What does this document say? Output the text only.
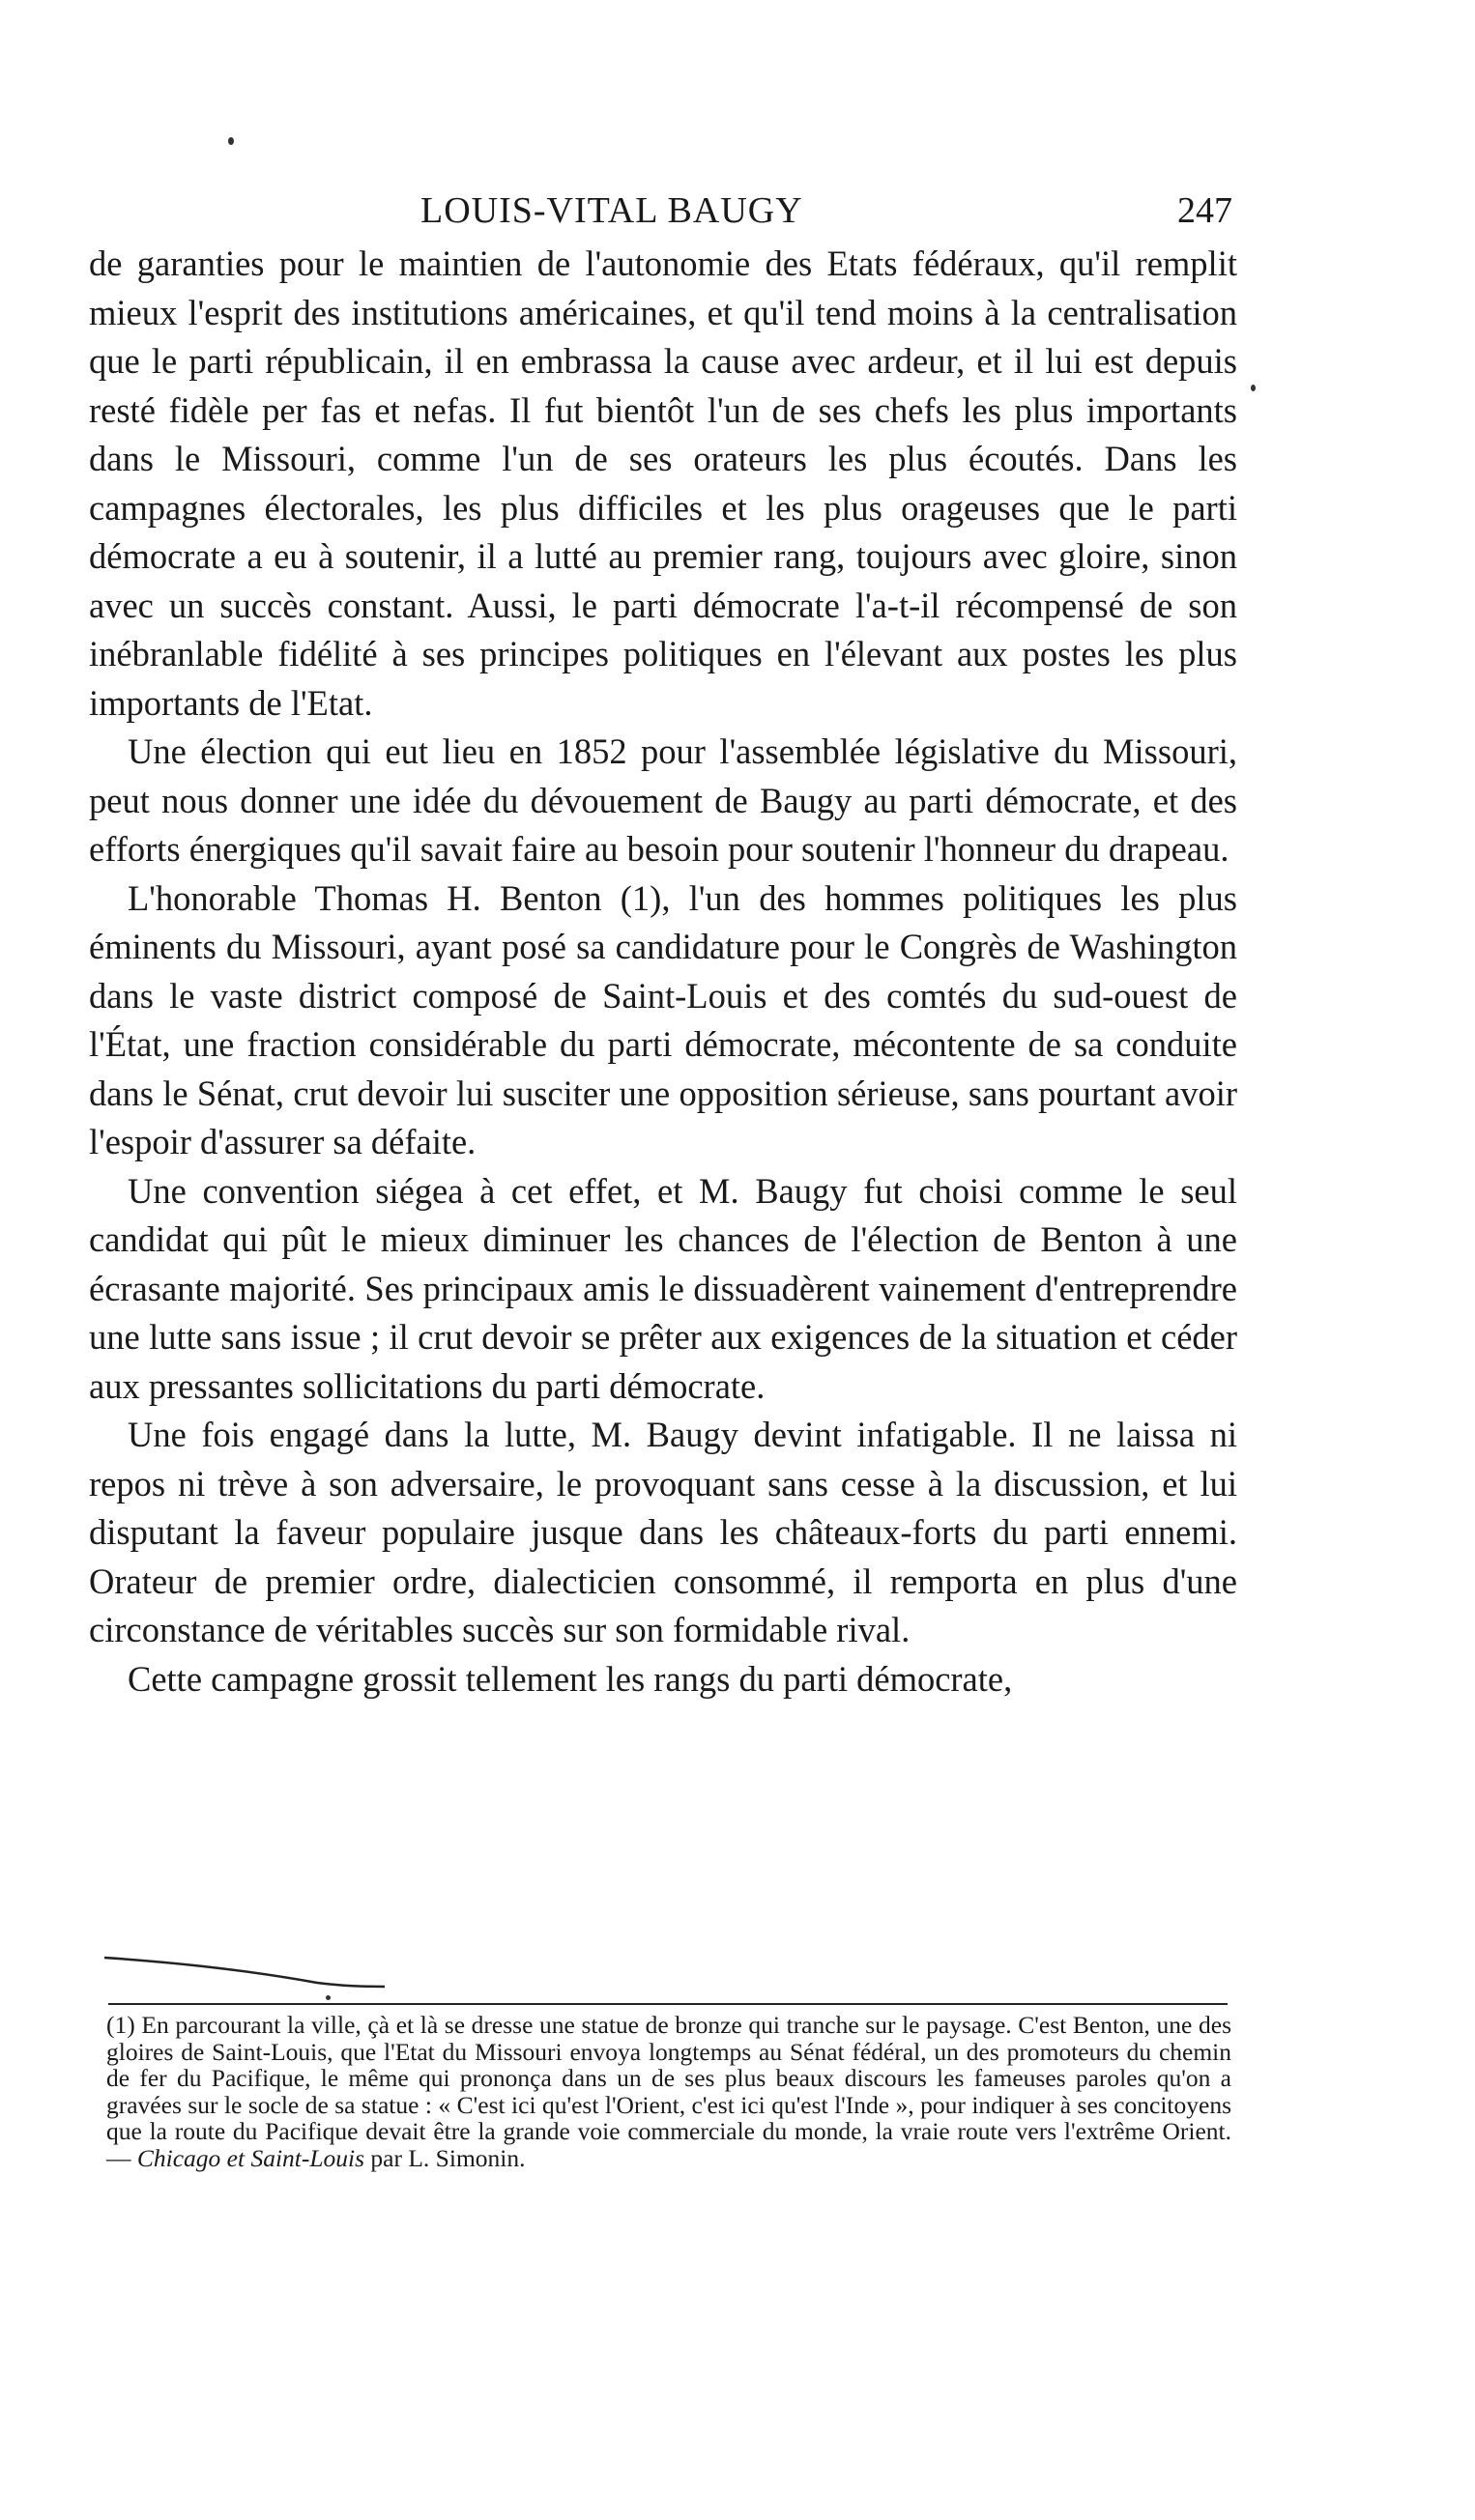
LOUIS-VITAL BAUGY	247

de garanties pour le maintien de l'autonomie des Etats fédéraux, qu'il remplit mieux l'esprit des institutions américaines, et qu'il tend moins à la centralisation que le parti républicain, il en embrassa la cause avec ardeur, et il lui est depuis resté fidèle per fas et nefas. Il fut bientôt l'un de ses chefs les plus importants dans le Missouri, comme l'un de ses orateurs les plus écoutés. Dans les campagnes électorales, les plus difficiles et les plus orageuses que le parti démocrate a eu à soutenir, il a lutté au premier rang, toujours avec gloire, sinon avec un succès constant. Aussi, le parti démocrate l'a-t-il récompensé de son inébranlable fidélité à ses principes politiques en l'élevant aux postes les plus importants de l'Etat.

Une élection qui eut lieu en 1852 pour l'assemblée législative du Missouri, peut nous donner une idée du dévouement de Baugy au parti démocrate, et des efforts énergiques qu'il savait faire au besoin pour soutenir l'honneur du drapeau.

L'honorable Thomas H. Benton (1), l'un des hommes politiques les plus éminents du Missouri, ayant posé sa candidature pour le Congrès de Washington dans le vaste district composé de Saint-Louis et des comtés du sud-ouest de l'État, une fraction considérable du parti démocrate, mécontente de sa conduite dans le Sénat, crut devoir lui susciter une opposition sérieuse, sans pourtant avoir l'espoir d'assurer sa défaite.

Une convention siégea à cet effet, et M. Baugy fut choisi comme le seul candidat qui pût le mieux diminuer les chances de l'élection de Benton à une écrasante majorité. Ses principaux amis le dissuadèrent vainement d'entreprendre une lutte sans issue ; il crut devoir se prêter aux exigences de la situation et céder aux pressantes sollicitations du parti démocrate.

Une fois engagé dans la lutte, M. Baugy devint infatigable. Il ne laissa ni repos ni trève à son adversaire, le provoquant sans cesse à la discussion, et lui disputant la faveur populaire jusque dans les châteaux-forts du parti ennemi. Orateur de premier ordre, dialecticien consommé, il remporta en plus d'une circonstance de véritables succès sur son formidable rival.

Cette campagne grossit tellement les rangs du parti démocrate,

(1) En parcourant la ville, çà et là se dresse une statue de bronze qui tranche sur le paysage. C'est Benton, une des gloires de Saint-Louis, que l'Etat du Missouri envoya longtemps au Sénat fédéral, un des promoteurs du chemin de fer du Pacifique, le même qui prononça dans un de ses plus beaux discours les fameuses paroles qu'on a gravées sur le socle de sa statue : « C'est ici qu'est l'Orient, c'est ici qu'est l'Inde », pour indiquer à ses concitoyens que la route du Pacifique devait être la grande voie commerciale du monde, la vraie route vers l'extrême Orient. — Chicago et Saint-Louis par L. Simonin.
